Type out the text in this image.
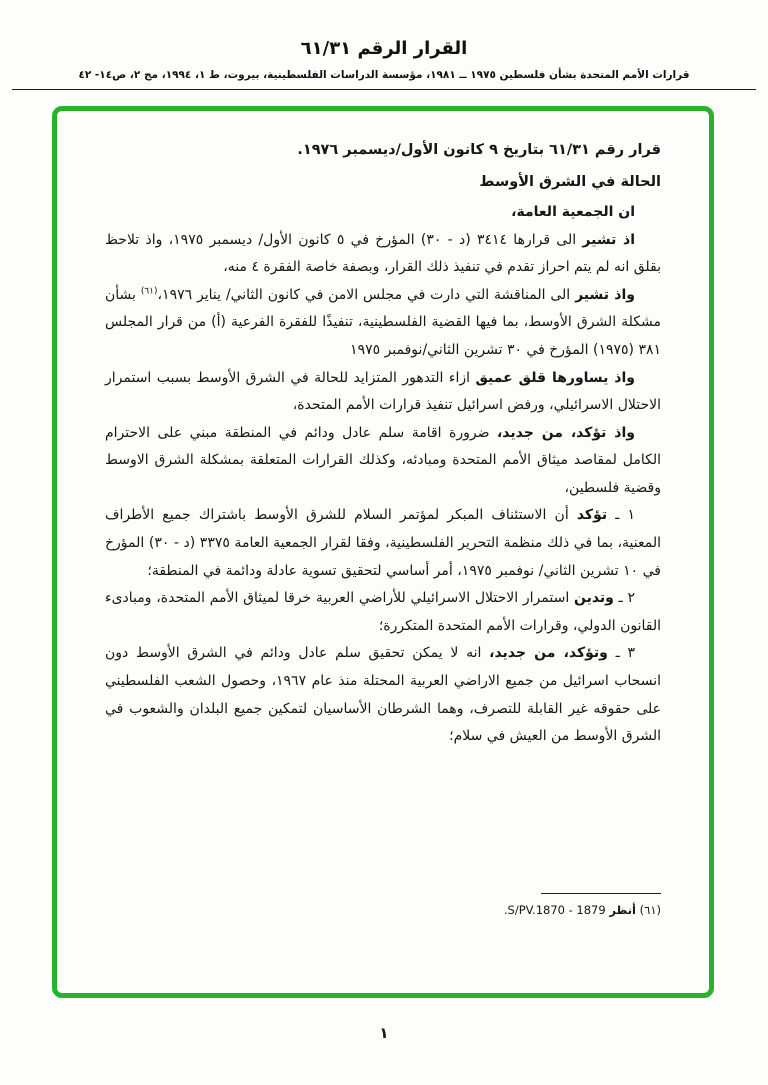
القرار الرقم ٦١/٣١

قرارات الأمم المتحدة بشأن فلسطين ١٩٧٥ ــ ١٩٨١، مؤسسة الدراسات الفلسطينية، بيروت، ط ١، ١٩٩٤، مج ٢، ص١٤- ٤٢

قرار رقم ٦١/٣١ بتاريخ ٩ كانون الأول/ديسمبر ١٩٧٦.
الحالة في الشرق الأوسط

ان الجمعية العامة،

اذ تشير الى قرارها ٣٤١٤ (د - ٣٠) المؤرخ في ٥ كانون الأول/ ديسمبر ١٩٧٥، واذ تلاحظ بقلق انه لم يتم احراز تقدم في تنفيذ ذلك القرار، وبصفة خاصة الفقرة ٤ منه،

واذ تشير الى المناقشة التي دارت في مجلس الامن في كانون الثاني/ يناير ١٩٧٦،$^{(٦١)}$ بشأن مشكلة الشرق الأوسط، بما فيها القضية الفلسطينية، تنفيذًا للفقرة الفرعية (أ) من قرار المجلس ٣٨١ (١٩٧٥) المؤرخ في ٣٠ تشرين الثاني/نوفمبر ١٩٧٥

واذ يساورها قلق عميق ازاء التدهور المتزايد للحالة في الشرق الأوسط بسبب استمرار الاحتلال الاسرائيلي، ورفض اسرائيل تنفيذ قرارات الأمم المتحدة،

واذ تؤكد، من جديد، ضرورة اقامة سلم عادل ودائم في المنطقة مبني على الاحترام الكامل لمقاصد ميثاق الأمم المتحدة ومبادئه، وكذلك القرارات المتعلقة بمشكلة الشرق الاوسط وقضية فلسطين،

١ ـ تؤكد أن الاستئناف المبكر لمؤتمر السلام للشرق الأوسط باشتراك جميع الأطراف المعنية، بما في ذلك منظمة التحرير الفلسطينية، وفقا لقرار الجمعية العامة ٣٣٧٥ (د - ٣٠) المؤرخ في ١٠ تشرين الثاني/ نوفمبر ١٩٧٥، أمر أساسي لتحقيق تسوية عادلة ودائمة في المنطقة؛

٢ ـ وتدين استمرار الاحتلال الاسرائيلي للأراضي العربية خرقا لميثاق الأمم المتحدة، ومبادىء القانون الدولي، وقرارات الأمم المتحدة المتكررة؛

٣ ـ وتؤكد، من جديد، انه لا يمكن تحقيق سلم عادل ودائم في الشرق الأوسط دون انسحاب اسرائيل من جميع الاراضي العربية المحتلة منذ عام ١٩٦٧، وحصول الشعب الفلسطيني على حقوقه غير القابلة للتصرف، وهما الشرطان الأساسيان لتمكين جميع البلدان والشعوب في الشرق الأوسط من العيش في سلام؛

(٦١) أنظر S/PV.1870 - 1879.

١
